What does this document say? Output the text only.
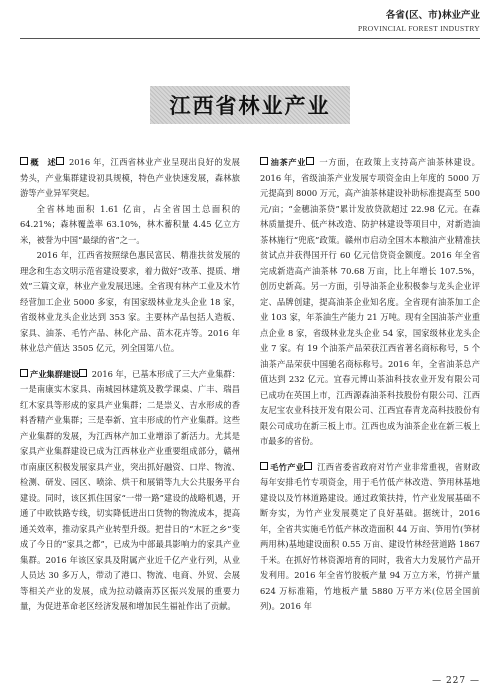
各省(区、市)林业产业
PROVINCIAL FOREST INDUSTRY
江西省林业产业

概　述 2016 年，江西省林业产业呈现出良好的发展势头，产业集群建设初具规模，特色产业快速发展，森林旅游等产业异军突起。

全省林地面积 1.61 亿亩，占全省国土总面积的 64.21%；森林覆盖率 63.10%，林木蓄积量 4.45 亿立方米，被誉为中国“最绿的省”之一。

2016 年，江西省按照绿色惠民富民、精准扶贫发展的理念和生态文明示范省建设要求，着力做好“改革、提质、增效”三篇文章，林业产业发展迅速。全省现有林产工业及木竹经营加工企业 5000 多家，有国家级林业龙头企业 18 家，省级林业龙头企业达到 353 家。主要林产品包括人造板、家具、油茶、毛竹产品、林化产品、苗木花卉等。2016 年林业总产值达 3505 亿元，列全国第八位。

产业集群建设 2016 年，已基本形成了三大产业集群：一是南康实木家具、南城园林建筑及教学课桌、广丰、瑞昌红木家具等形成的家具产业集群；二是崇义、吉水形成的香料香精产业集群；三是奉新、宜丰形成的竹产业集群。这些产业集群的发展，为江西林产加工业增添了新活力。尤其是家具产业集群建设已成为江西林业产业重要组成部分，赣州市南康区积极发展家具产业，突出抓好融资、口岸、物流、检测、研发、园区、喷涂、烘干和展销等九大公共服务平台建设。同时，该区抓住国家“一带一路”建设的战略机遇，开通了中欧铁路专线，切实降低进出口货物的物流成本，提高通关效率，推动家具产业转型升级。把昔日的“木匠之乡”变成了今日的“家具之都”，已成为中部最具影响力的家具产业集群。2016 年该区家具及附属产业近千亿产业行列，从业人员达 30 多万人，带动了港口、物流、电商、外贸、会展等相关产业的发展，成为拉动赣南苏区振兴发展的重要力量，为促进革命老区经济发展和增加民生福祉作出了贡献。

油茶产业 一方面，在政策上支持高产油茶林建设。2016 年，省级油茶产业发展专项资金由上年度的 5000 万元提高到 8000 万元，高产油茶林建设补助标准提高至 500 元/亩；“金穗油茶贷”累计发放贷款超过 22.98 亿元。在森林质量提升、低产林改造、防护林建设等项目中，对新造油茶林施行“兜底”政策。赣州市启动全国木本粮油产业精准扶贫试点并获得国开行 60 亿元信贷资金额度。2016 年全省完成新造高产油茶林 70.68 万亩，比上年增长 107.5%，创历史新高。另一方面，引导油茶企业积极参与龙头企业评定、品牌创建，提高油茶企业知名度。全省现有油茶加工企业 103 家，年茶油生产能力 21 万吨。现有全国油茶产业重点企业 8 家，省级林业龙头企业 54 家，国家级林业龙头企业 7 家。有 19 个油茶产品荣获江西省著名商标称号，5 个油茶产品荣获中国驰名商标称号。2016 年，全省油茶总产值达到 232 亿元。宜春元博山茶油科技农业开发有限公司已成功在英国上市，江西源森油茶科技股份有限公司、江西友尼宝农业科技开发有限公司、江西宜春青龙高科技股份有限公司成功在新三板上市。江西也成为油茶企业在新三板上市最多的省份。

毛竹产业 江西省委省政府对竹产业非常重视，省财政每年安排毛竹专项资金，用于毛竹低产林改造、笋用林基地建设以及竹林道路建设。通过政策扶持，竹产业发展基础不断夯实，为竹产业发展奠定了良好基础。据统计，2016 年，全省共实施毛竹低产林改造面积 44 万亩、笋用竹(笋材两用林)基地建设面积 0.55 万亩、建设竹林经营道路 1867 千米。在抓好竹林资源培育的同时，我省大力发展竹产品开发利用。2016 年全省竹胶板产量 94 万立方米，竹拼产量 624 万标准箱，竹地板产量 5880 万平方米(位居全国前列)。2016 年

— 227 —
